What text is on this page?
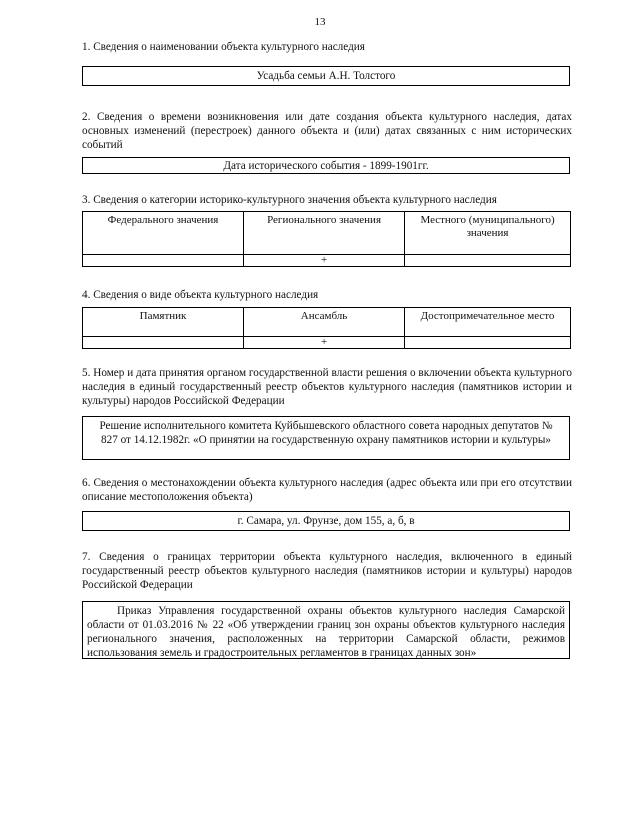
13
1. Сведения о наименовании объекта культурного наследия
Усадьба семьи А.Н. Толстого
2. Сведения о времени возникновения или дате создания объекта культурного наследия, датах основных изменений (перестроек) данного объекта и (или) датах связанных с ним исторических событий
Дата исторического события - 1899-1901гг.
3. Сведения о категории историко-культурного значения объекта культурного наследия
Федерального значения	Регионального значения	Местного (муниципального) значения
	+	
4. Сведения о виде объекта культурного наследия
Памятник	Ансамбль	Достопримечательное место
	+	
5. Номер и дата принятия органом государственной власти решения о включении объекта культурного наследия в единый государственный реестр объектов культурного наследия (памятников истории и культуры) народов Российской Федерации
Решение исполнительного комитета Куйбышевского областного совета народных депутатов № 827 от 14.12.1982г. «О принятии на государственную охрану памятников истории и культуры»
6. Сведения о местонахождении объекта культурного наследия (адрес объекта или при его отсутствии описание местоположения объекта)
г. Самара, ул. Фрунзе, дом 155, а, б, в
7. Сведения о границах территории объекта культурного наследия, включенного в единый государственный реестр объектов культурного наследия (памятников истории и культуры) народов Российской Федерации
Приказ Управления государственной охраны объектов культурного наследия Самарской области от 01.03.2016 № 22 «Об утверждении границ зон охраны объектов культурного наследия регионального значения, расположенных на территории Самарской области, режимов использования земель и градостроительных регламентов в границах данных зон»
